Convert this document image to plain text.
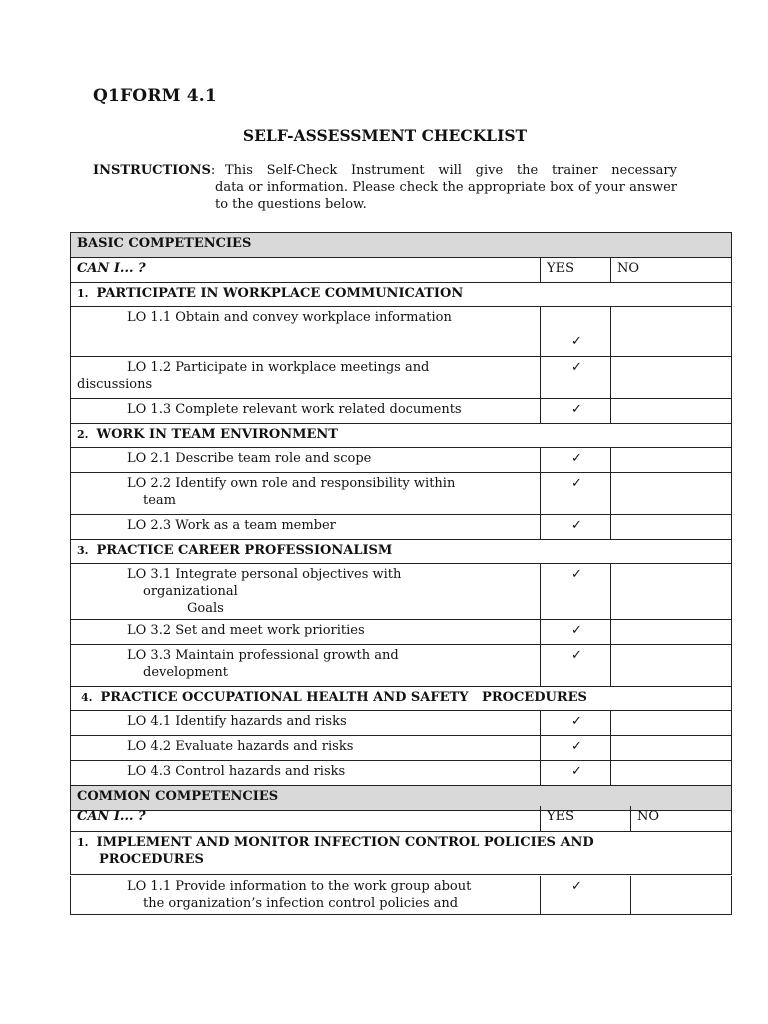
Q1FORM 4.1
SELF-ASSESSMENT CHECKLIST
INSTRUCTIONS: This Self-Check Instrument will give the trainer necessary
data or information. Please check the appropriate box of your answer to the questions below.
BASIC COMPETENCIES		
CAN I... ?	YES	NO
1. PARTICIPATE IN WORKPLACE COMMUNICATION		
LO 1.1 Obtain and convey workplace information	✓	
LO 1.2 Participate in workplace meetings and
discussions	✓	
LO 1.3 Complete relevant work related documents	✓	
2. WORK IN TEAM ENVIRONMENT		
LO 2.1 Describe team role and scope	✓	
LO 2.2 Identify own role and responsibility within
team	✓	
LO 2.3 Work as a team member	✓	
3. PRACTICE CAREER PROFESSIONALISM		
LO 3.1 Integrate personal objectives with
organizational
Goals	✓	
LO 3.2 Set and meet work priorities	✓	
LO 3.3 Maintain professional growth and
development	✓	
4. PRACTICE OCCUPATIONAL HEALTH AND SAFETY   PROCEDURES		
LO 4.1 Identify hazards and risks	✓	
LO 4.2 Evaluate hazards and risks	✓	
LO 4.3 Control hazards and risks	✓	
COMMON COMPETENCIES		
CAN I... ?	YES	NO
1. IMPLEMENT AND MONITOR INFECTION CONTROL POLICIES AND
PROCEDURES
LO 1.1 Provide information to the work group about
the organization’s infection control policies and
	✓	
